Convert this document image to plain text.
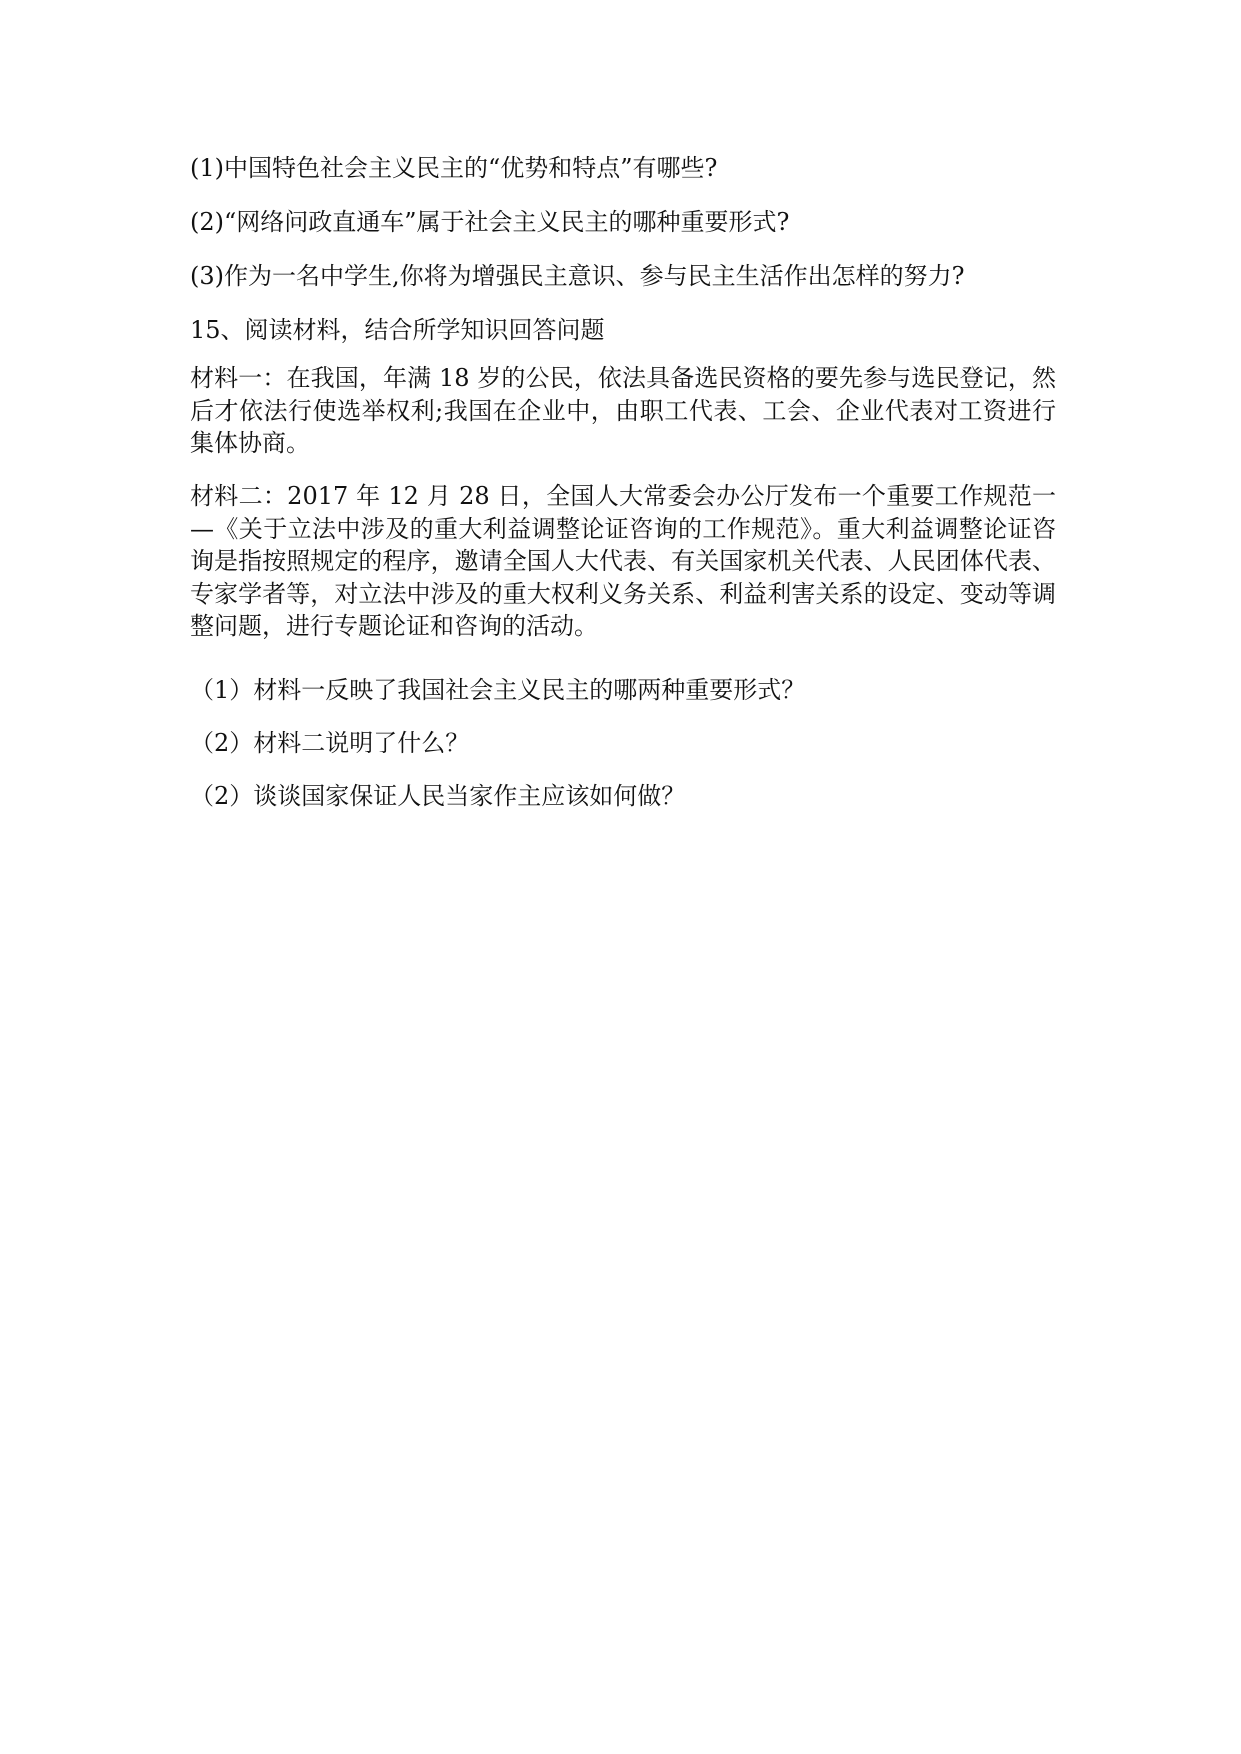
(1)中国特色社会主义民主的“优势和特点”有哪些?
(2)“网络问政直通车”属于社会主义民主的哪种重要形式?
(3)作为一名中学生,你将为增强民主意识、参与民主生活作出怎样的努力?
15、阅读材料，结合所学知识回答问题
材料一：在我国，年满 18 岁的公民，依法具备选民资格的要先参与选民登记，然后才依法行使选举权利;我国在企业中，由职工代表、工会、企业代表对工资进行集体协商。
材料二：2017 年 12 月 28 日，全国人大常委会办公厅发布一个重要工作规范一—《关于立法中涉及的重大利益调整论证咨询的工作规范》。重大利益调整论证咨询是指按照规定的程序，邀请全国人大代表、有关国家机关代表、人民团体代表、专家学者等，对立法中涉及的重大权利义务关系、利益利害关系的设定、变动等调整问题，进行专题论证和咨询的活动。
（1）材料一反映了我国社会主义民主的哪两种重要形式？
（2）材料二说明了什么？
（2）谈谈国家保证人民当家作主应该如何做？
